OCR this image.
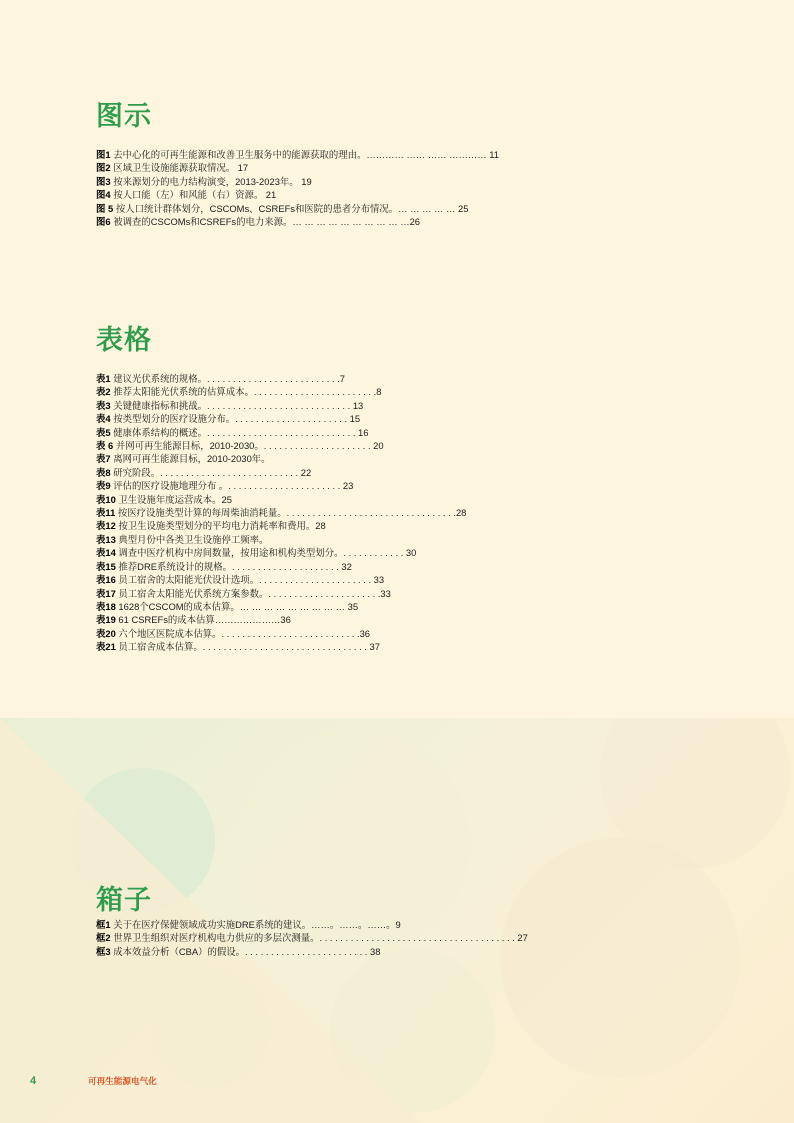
图示
图1 去中心化的可再生能源和改善卫生服务中的能源获取的理由。………… …… …… ………… 11
图2 区域卫生设施能源获取情况。 17
图3 按来源划分的电力结构演变，2013-2023年。 19
图4 按人口能（左）和风能（右）资源。 21
图 5 按人口统计群体划分，CSCOMs、CSREFs和医院的患者分布情况。… … … … … 25
图6 被调查的CSCOMs和CSREFs的电力来源。… … … … … … … … … …26
表格
表1 建议光伏系统的规格。. . . . . . . . . . . . . . . . . . . . . . . . . .7
表2 推荐太阳能光伏系统的估算成本。. . . . . . . . . . . . . . . . . . . . . . . .8
表3 关键健康指标和挑战。. . . . . . . . . . . . . . . . . . . . . . . . . . . . 13
表4 按类型划分的医疗设施分布。. . . . . . . . . . . . . . . . . . . . . . 15
表5 健康体系结构的概述。. . . . . . . . . . . . . . . . . . . . . . . . . . . . . 16
表 6 并网可再生能源目标，2010-2030。. . . . . . . . . . . . . . . . . . . . . 20
表7 离网可再生能源目标，2010-2030年。
表8 研究阶段。. . . . . . . . . . . . . . . . . . . . . . . . . . . 22
表9 评估的医疗设施地理分布 。. . . . . . . . . . . . . . . . . . . . . . 23
表10 卫生设施年度运营成本。25
表11 按医疗设施类型计算的每周柴油消耗量。. . . . . . . . . . . . . . . . . . . . . . . . . . . . . . . . .28
表12 按卫生设施类型划分的平均电力消耗率和费用。28
表13 典型月份中各类卫生设施停工频率。
表14 调查中医疗机构中房间数量，按用途和机构类型划分。. . . . . . . . . . . . 30
表15 推荐DRE系统设计的规格。. . . . . . . . . . . . . . . . . . . . . 32
表16 员工宿舍的太阳能光伏设计选项。. . . . . . . . . . . . . . . . . . . . . . 33
表17 员工宿舍太阳能光伏系统方案参数。. . . . . . . . . . . . . . . . . . . . . .33
表18 1628个CSCOM的成本估算。… … … … … … … … … 35
表19 61 CSREFs的成本估算…………………36
表20 六个地区医院成本估算。. . . . . . . . . . . . . . . . . . . . . . . . . . .36
表21 员工宿舍成本估算。. . . . . . . . . . . . . . . . . . . . . . . . . . . . . . . . 37
箱子
框1 关于在医疗保健领域成功实施DRE系统的建议。……。……。……。9
框2 世界卫生组织对医疗机构电力供应的多层次测量。. . . . . . . . . . . . . . . . . . . . . . . . . . . . . . . . . . . . . . 27
框3 成本效益分析（CBA）的假设。. . . . . . . . . . . . . . . . . . . . . . . . 38
4	可再生能源电气化
